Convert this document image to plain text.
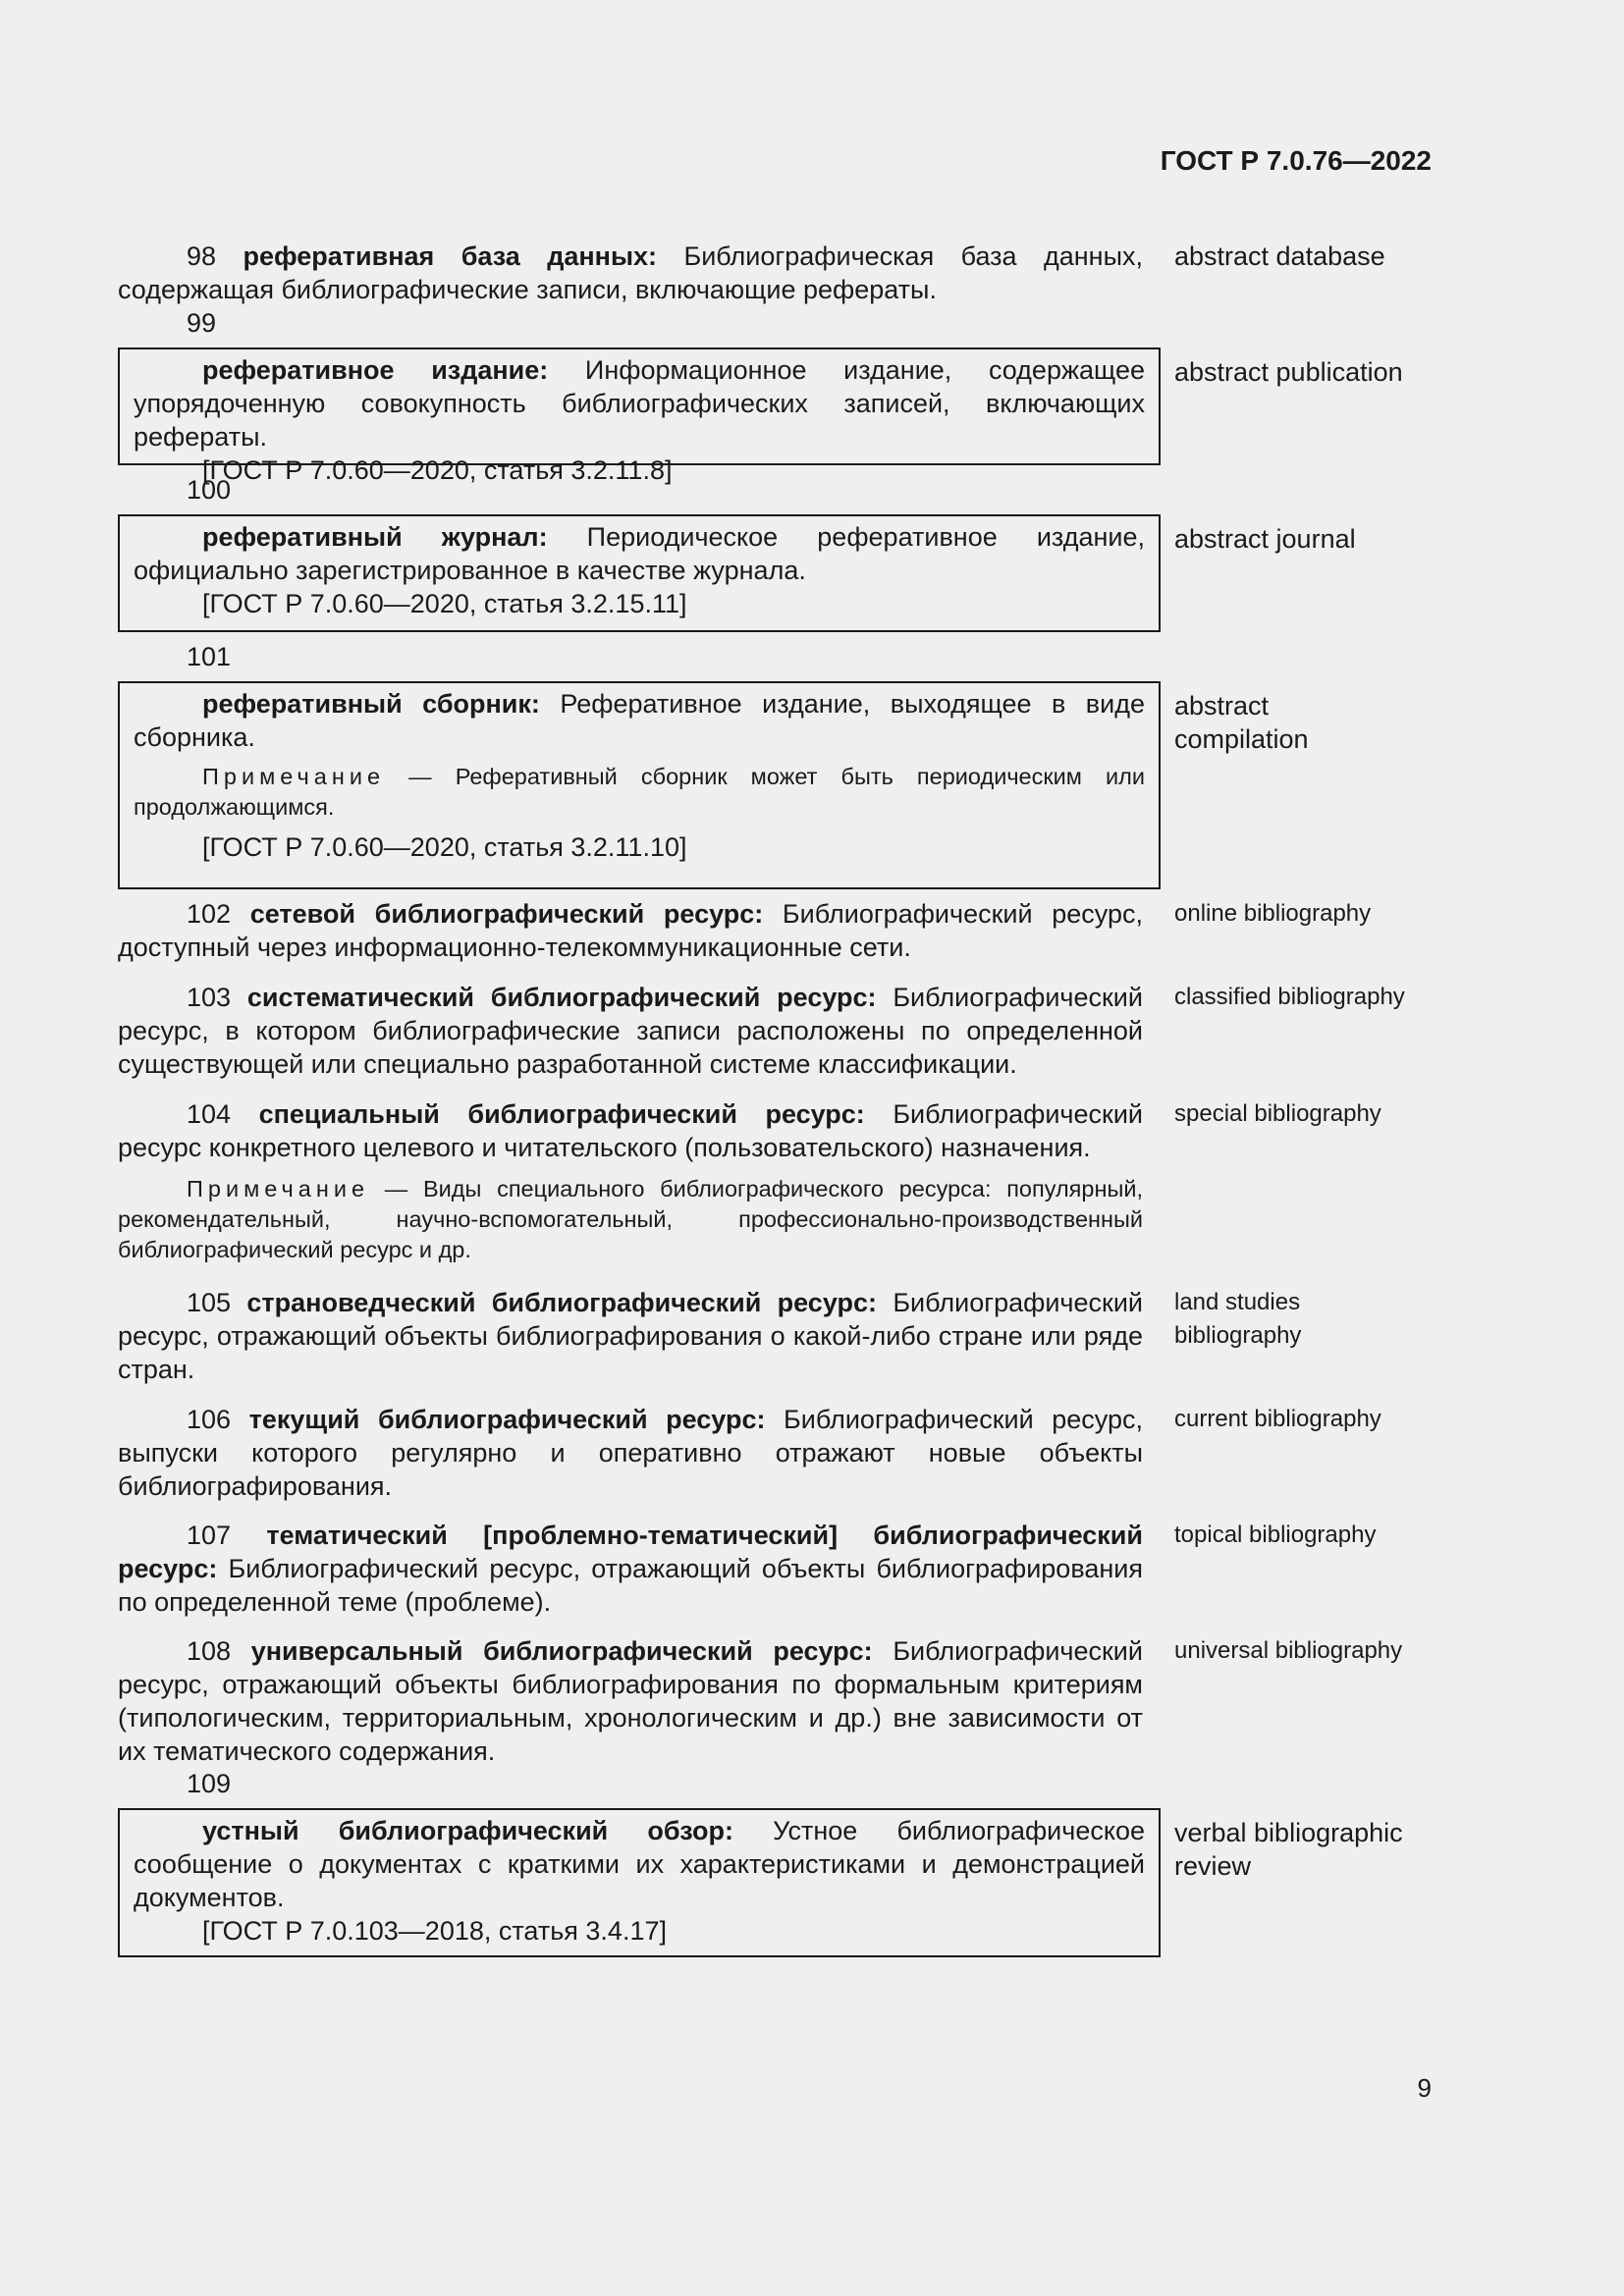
ГОСТ Р 7.0.76—2022
98 реферативная база данных: Библиографическая база данных, содержащая библиографические записи, включающие рефераты.
abstract database
99
реферативное издание: Информационное издание, содержащее упорядоченную совокупность библиографических записей, включающих рефераты.
[ГОСТ Р 7.0.60—2020, статья 3.2.11.8]
abstract publication
100
реферативный журнал: Периодическое реферативное издание, официально зарегистрированное в качестве журнала.
[ГОСТ Р 7.0.60—2020, статья 3.2.15.11]
abstract journal
101
реферативный сборник: Реферативное издание, выходящее в виде сборника.
Примечание — Реферативный сборник может быть периодическим или продолжающимся.
[ГОСТ Р 7.0.60—2020, статья 3.2.11.10]
abstract
compilation
102 сетевой библиографический ресурс: Библиографический ресурс, доступный через информационно-телекоммуникационные сети.
online bibliography
103 систематический библиографический ресурс: Библиографический ресурс, в котором библиографические записи расположены по определенной существующей или специально разработанной системе классификации.
classified bibliography
104 специальный библиографический ресурс: Библиографический ресурс конкретного целевого и читательского (пользовательского) назначения.
Примечание — Виды специального библиографического ресурса: популярный, рекомендательный, научно-вспомогательный, профессионально-производственный библиографический ресурс и др.
special bibliography
105 страноведческий библиографический ресурс: Библиографический ресурс, отражающий объекты библиографирования о какой-либо стране или ряде стран.
land studies
bibliography
106 текущий библиографический ресурс: Библиографический ресурс, выпуски которого регулярно и оперативно отражают новые объекты библиографирования.
current bibliography
107 тематический [проблемно-тематический] библиографический ресурс: Библиографический ресурс, отражающий объекты библиографирования по определенной теме (проблеме).
topical bibliography
108 универсальный библиографический ресурс: Библиографический ресурс, отражающий объекты библиографирования по формальным критериям (типологическим, территориальным, хронологическим и др.) вне зависимости от их тематического содержания.
universal bibliography
109
устный библиографический обзор: Устное библиографическое сообщение о документах с краткими их характеристиками и демонстрацией документов.
[ГОСТ Р 7.0.103—2018, статья 3.4.17]
verbal bibliographic
review
9
